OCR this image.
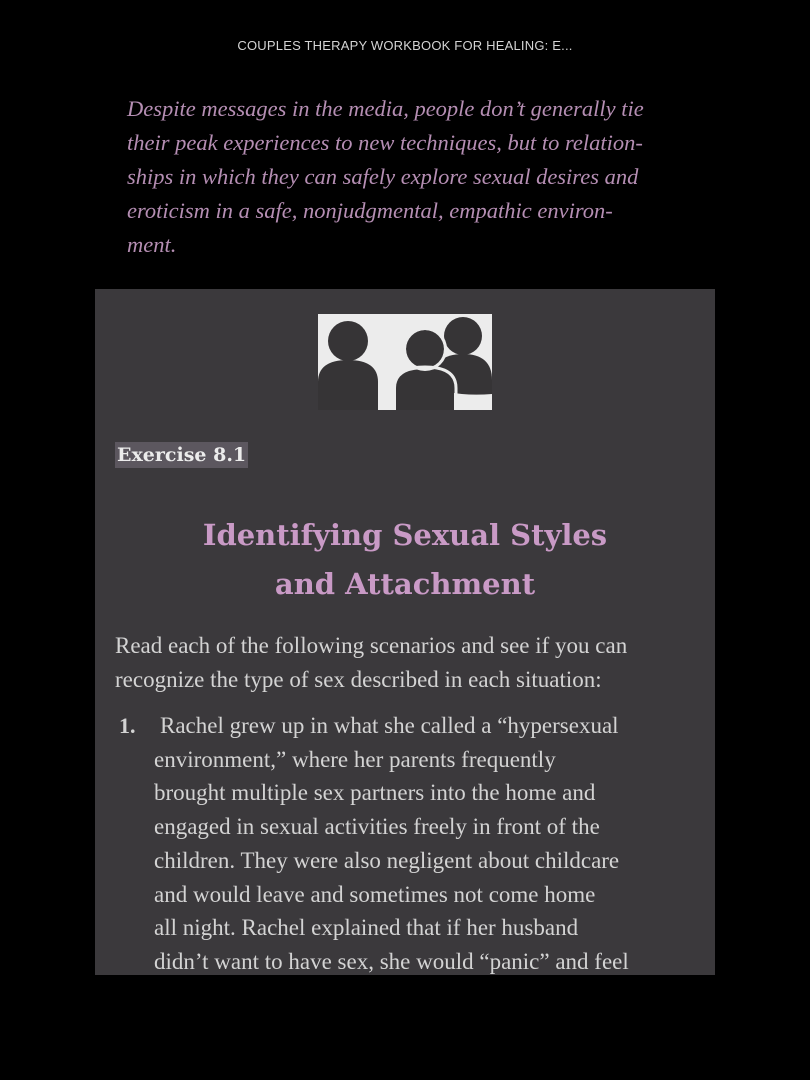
COUPLES THERAPY WORKBOOK FOR HEALING: E...
Despite messages in the media, people don’t generally tie
their peak experiences to new techniques, but to relation-
ships in which they can safely explore sexual desires and
eroticism in a safe, nonjudgmental, empathic environ-
ment.
Exercise 8.1
Identifying Sexual Styles
and Attachment
Read each of the following scenarios and see if you can
recognize the type of sex described in each situation:
1. Rachel grew up in what she called a “hypersexual
environment,” where her parents frequently
brought multiple sex partners into the home and
engaged in sexual activities freely in front of the
children. They were also negligent about childcare
and would leave and sometimes not come home
all night. Rachel explained that if her husband
didn’t want to have sex, she would “panic” and feel
